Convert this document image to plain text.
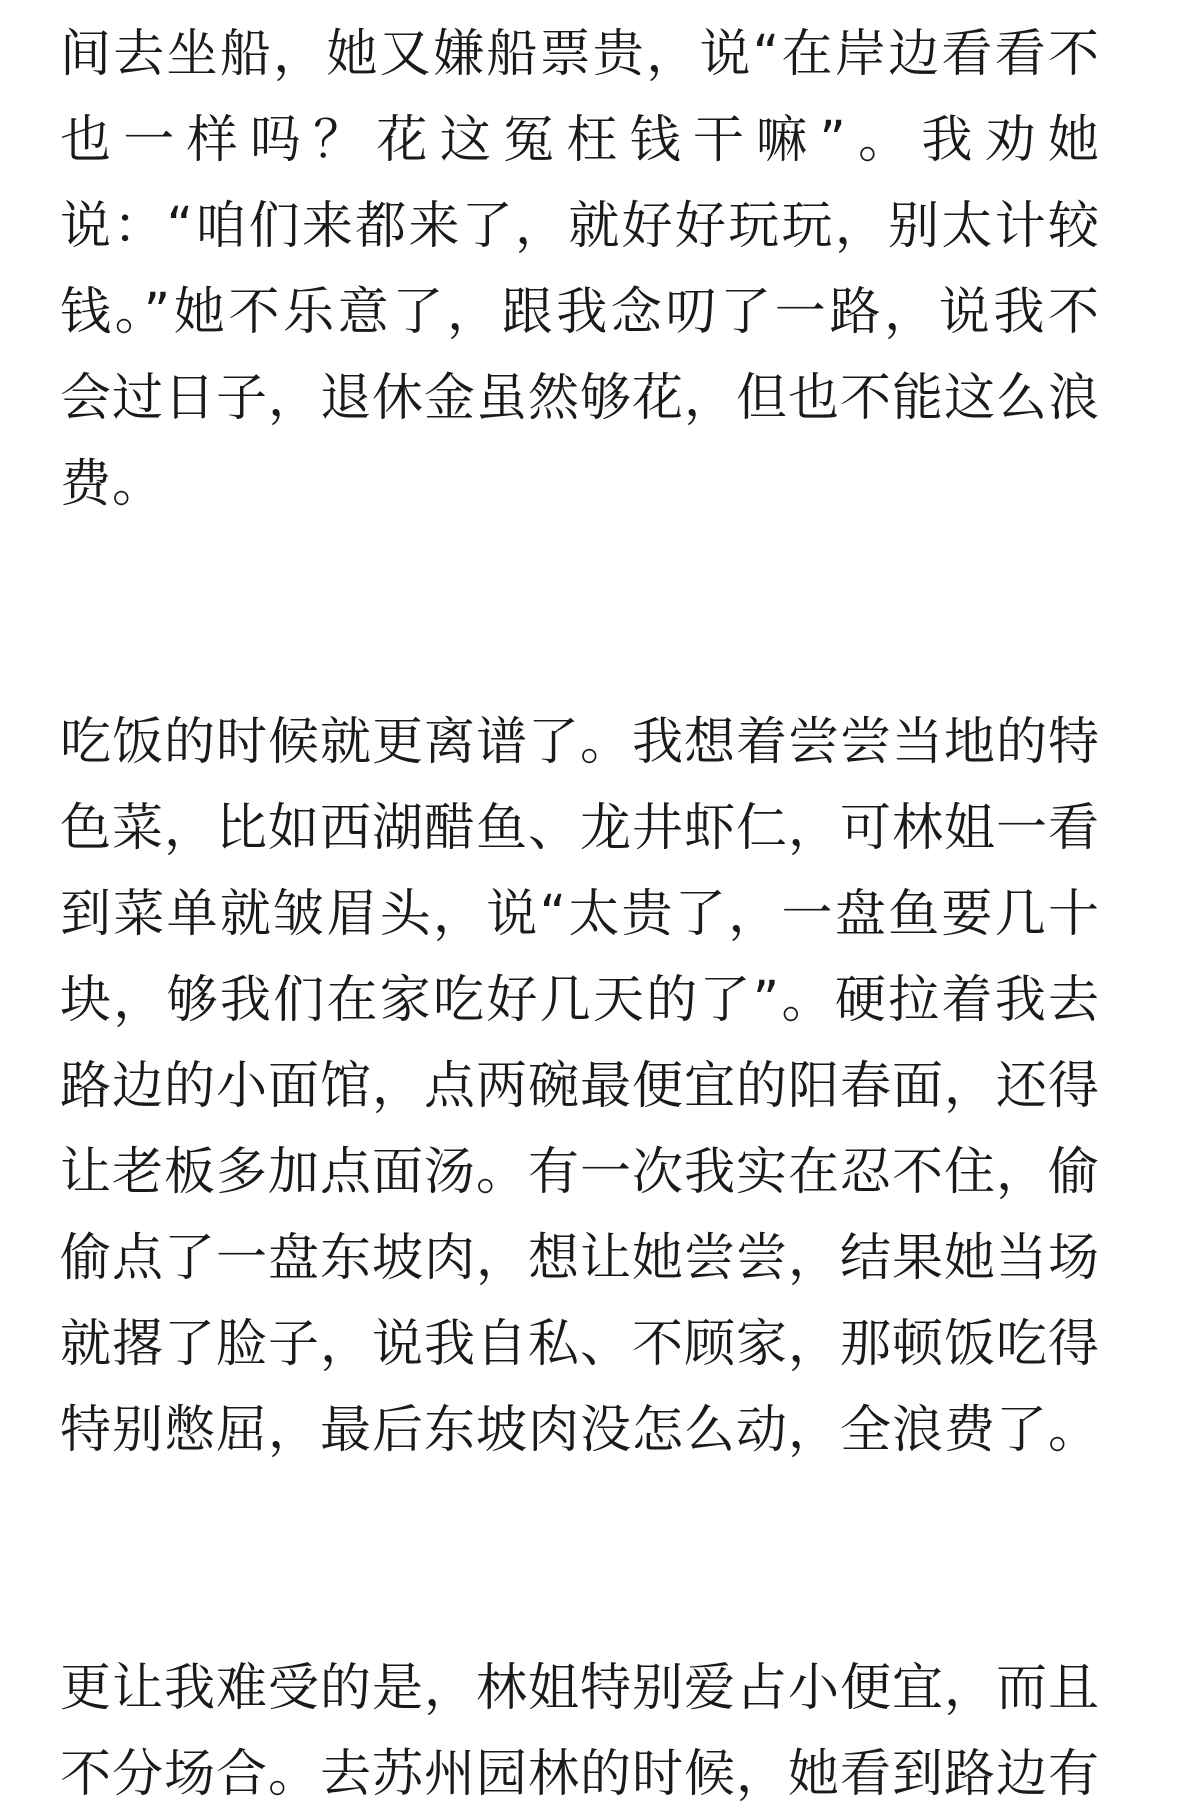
间去坐船，她又嫌船票贵，说“在岸边看看不也一样吗？花这冤枉钱干嘛”。我劝她说：“咱们来都来了，就好好玩玩，别太计较钱。”她不乐意了，跟我念叨了一路，说我不会过日子，退休金虽然够花，但也不能这么浪费。

吃饭的时候就更离谱了。我想着尝尝当地的特色菜，比如西湖醋鱼、龙井虾仁，可林姐一看到菜单就皱眉头，说“太贵了，一盘鱼要几十块，够我们在家吃好几天的了”。硬拉着我去路边的小面馆，点两碗最便宜的阳春面，还得让老板多加点面汤。有一次我实在忍不住，偷偷点了一盘东坡肉，想让她尝尝，结果她当场就撂了脸子，说我自私、不顾家，那顿饭吃得特别憋屈，最后东坡肉没怎么动，全浪费了。

更让我难受的是，林姐特别爱占小便宜，而且不分场合。去苏州园林的时候，她看到路边有
